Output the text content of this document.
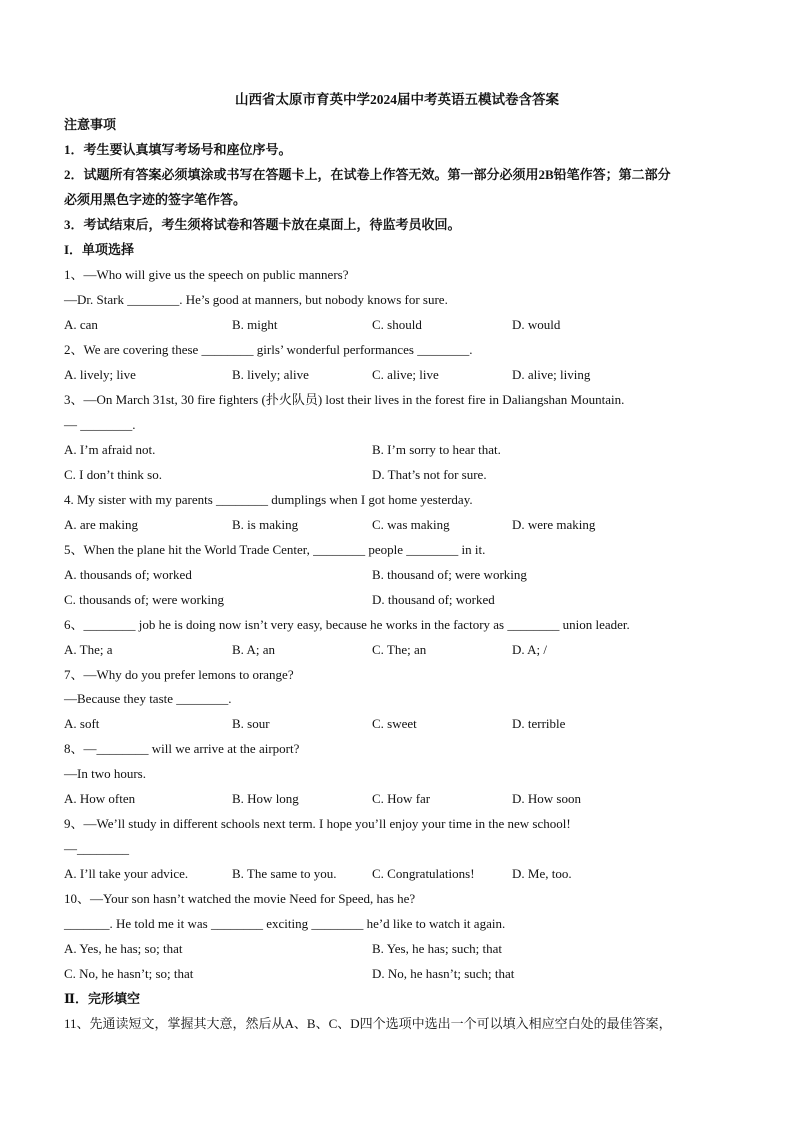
山西省太原市育英中学2024届中考英语五模试卷含答案
注意事项
1．考生要认真填写考场号和座位序号。
2．试题所有答案必须填涂或书写在答题卡上，在试卷上作答无效。第一部分必须用2B铅笔作答；第二部分
必须用黑色字迹的签字笔作答。
3．考试结束后，考生须将试卷和答题卡放在桌面上，待监考员收回。
I．单项选择
1、—Who will give us the speech on public manners?
—Dr. Stark ________. He’s good at manners, but nobody knows for sure.
A. can	B. might	C. should	D. would
2、We are covering these ________ girls’ wonderful performances ________.
A. lively; live	B. lively; alive	C. alive; live	D. alive; living
3、—On March 31st, 30 fire fighters (扑火队员) lost their lives in the forest fire in Daliangshan Mountain.
— ________.
A. I’m afraid not.	B. I’m sorry to hear that.
C. I don’t think so.	D. That’s not for sure.
4. My sister with my parents ________ dumplings when I got home yesterday.
A. are making	B. is making	C. was making	D. were making
5、When the plane hit the World Trade Center, ________ people ________ in it.
A. thousands of; worked	B. thousand of; were working
C. thousands of; were working	D. thousand of; worked
6、________ job he is doing now isn’t very easy, because he works in the factory as ________ union leader.
A. The; a	B. A; an	C. The; an	D. A; /
7、—Why do you prefer lemons to orange?
—Because they taste ________.
A. soft	B. sour	C. sweet	D. terrible
8、—________ will we arrive at the airport?
—In two hours.
A. How often	B. How long	C. How far	D. How soon
9、—We’ll study in different schools next term. I hope you’ll enjoy your time in the new school!
—________
A. I’ll take your advice.	B. The same to you.	C. Congratulations!	D. Me, too.
10、—Your son hasn’t watched the movie Need for Speed, has he?
_______. He told me it was ________ exciting ________ he’d like to watch it again.
A. Yes, he has; so; that	B. Yes, he has; such; that
C. No, he hasn’t; so; that	D. No, he hasn’t; such; that
Ⅱ．完形填空
11、先通读短文，掌握其大意，然后从A、B、C、D四个选项中选出一个可以填入相应空白处的最佳答案，
